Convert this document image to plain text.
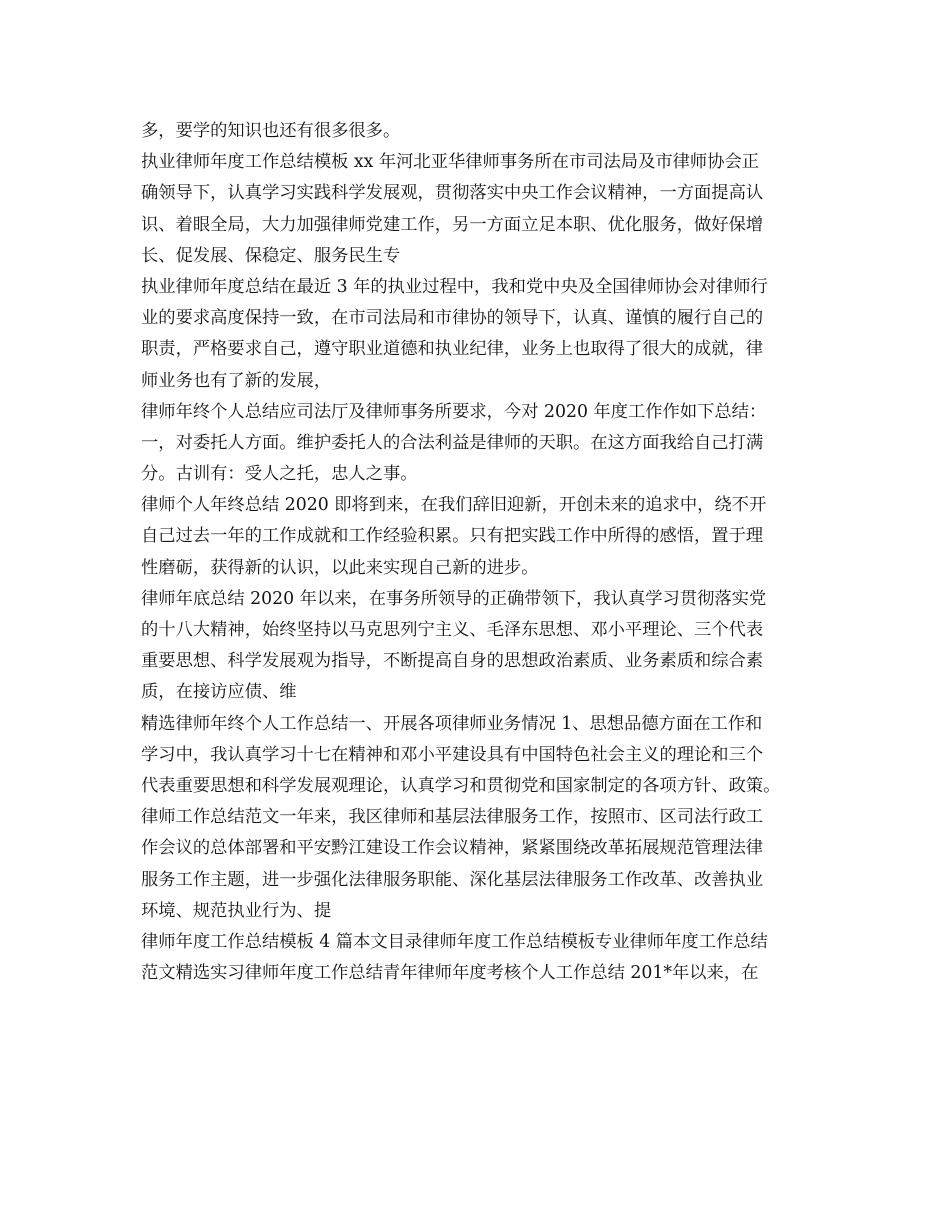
多，要学的知识也还有很多很多。
执业律师年度工作总结模板 xx 年河北亚华律师事务所在市司法局及市律师协会正
确领导下，认真学习实践科学发展观，贯彻落实中央工作会议精神，一方面提高认
识、着眼全局，大力加强律师党建工作，另一方面立足本职、优化服务，做好保增
长、促发展、保稳定、服务民生专
执业律师年度总结在最近 3 年的执业过程中，我和党中央及全国律师协会对律师行
业的要求高度保持一致，在市司法局和市律协的领导下，认真、谨慎的履行自己的
职责，严格要求自己，遵守职业道德和执业纪律，业务上也取得了很大的成就，律
师业务也有了新的发展，
律师年终个人总结应司法厅及律师事务所要求，今对 2020 年度工作作如下总结：
一，对委托人方面。维护委托人的合法利益是律师的天职。在这方面我给自己打满
分。古训有：受人之托，忠人之事。
律师个人年终总结 2020 即将到来，在我们辞旧迎新，开创未来的追求中，绕不开
自己过去一年的工作成就和工作经验积累。只有把实践工作中所得的感悟，置于理
性磨砺，获得新的认识，以此来实现自己新的进步。
律师年底总结 2020 年以来，在事务所领导的正确带领下，我认真学习贯彻落实党
的十八大精神，始终坚持以马克思列宁主义、毛泽东思想、邓小平理论、三个代表
重要思想、科学发展观为指导，不断提高自身的思想政治素质、业务素质和综合素
质，在接访应债、维
精选律师年终个人工作总结一、开展各项律师业务情况 1、思想品德方面在工作和
学习中，我认真学习十七在精神和邓小平建设具有中国特色社会主义的理论和三个
代表重要思想和科学发展观理论，认真学习和贯彻党和国家制定的各项方针、政策。
律师工作总结范文一年来，我区律师和基层法律服务工作，按照市、区司法行政工
作会议的总体部署和平安黔江建设工作会议精神，紧紧围绕改革拓展规范管理法律
服务工作主题，进一步强化法律服务职能、深化基层法律服务工作改革、改善执业
环境、规范执业行为、提
律师年度工作总结模板 4 篇本文目录律师年度工作总结模板专业律师年度工作总结
范文精选实习律师年度工作总结青年律师年度考核个人工作总结 201*年以来，在
